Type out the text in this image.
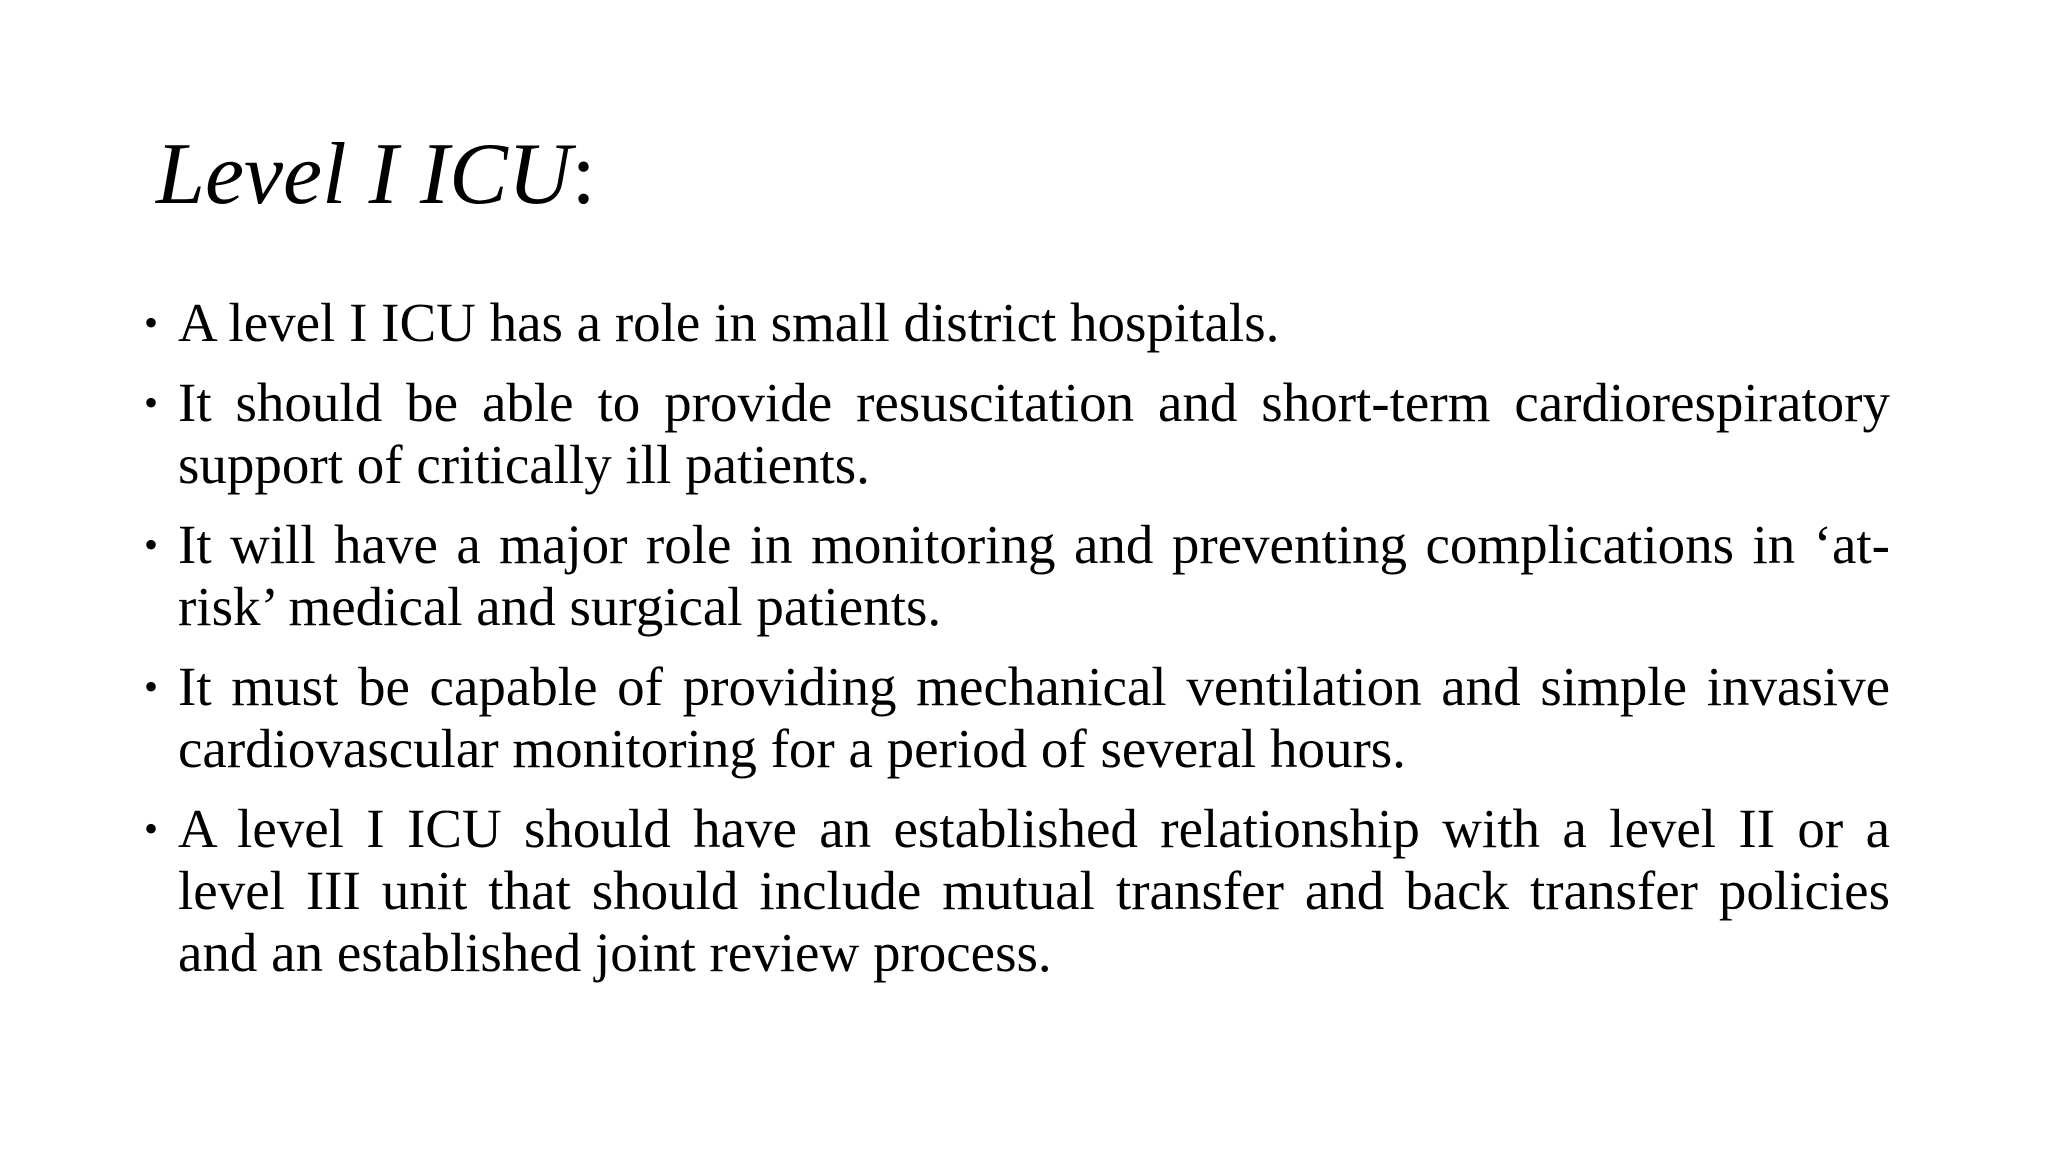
Level I ICU:
• A level I ICU has a role in small district hospitals.
• It should be able to provide resuscitation and short-term cardiorespiratory support of critically ill patients.
• It will have a major role in monitoring and preventing complications in ‘at-risk’ medical and surgical patients.
• It must be capable of providing mechanical ventilation and simple invasive cardiovascular monitoring for a period of several hours.
• A level I ICU should have an established relationship with a level II or a level III unit that should include mutual transfer and back transfer policies and an established joint review process.
